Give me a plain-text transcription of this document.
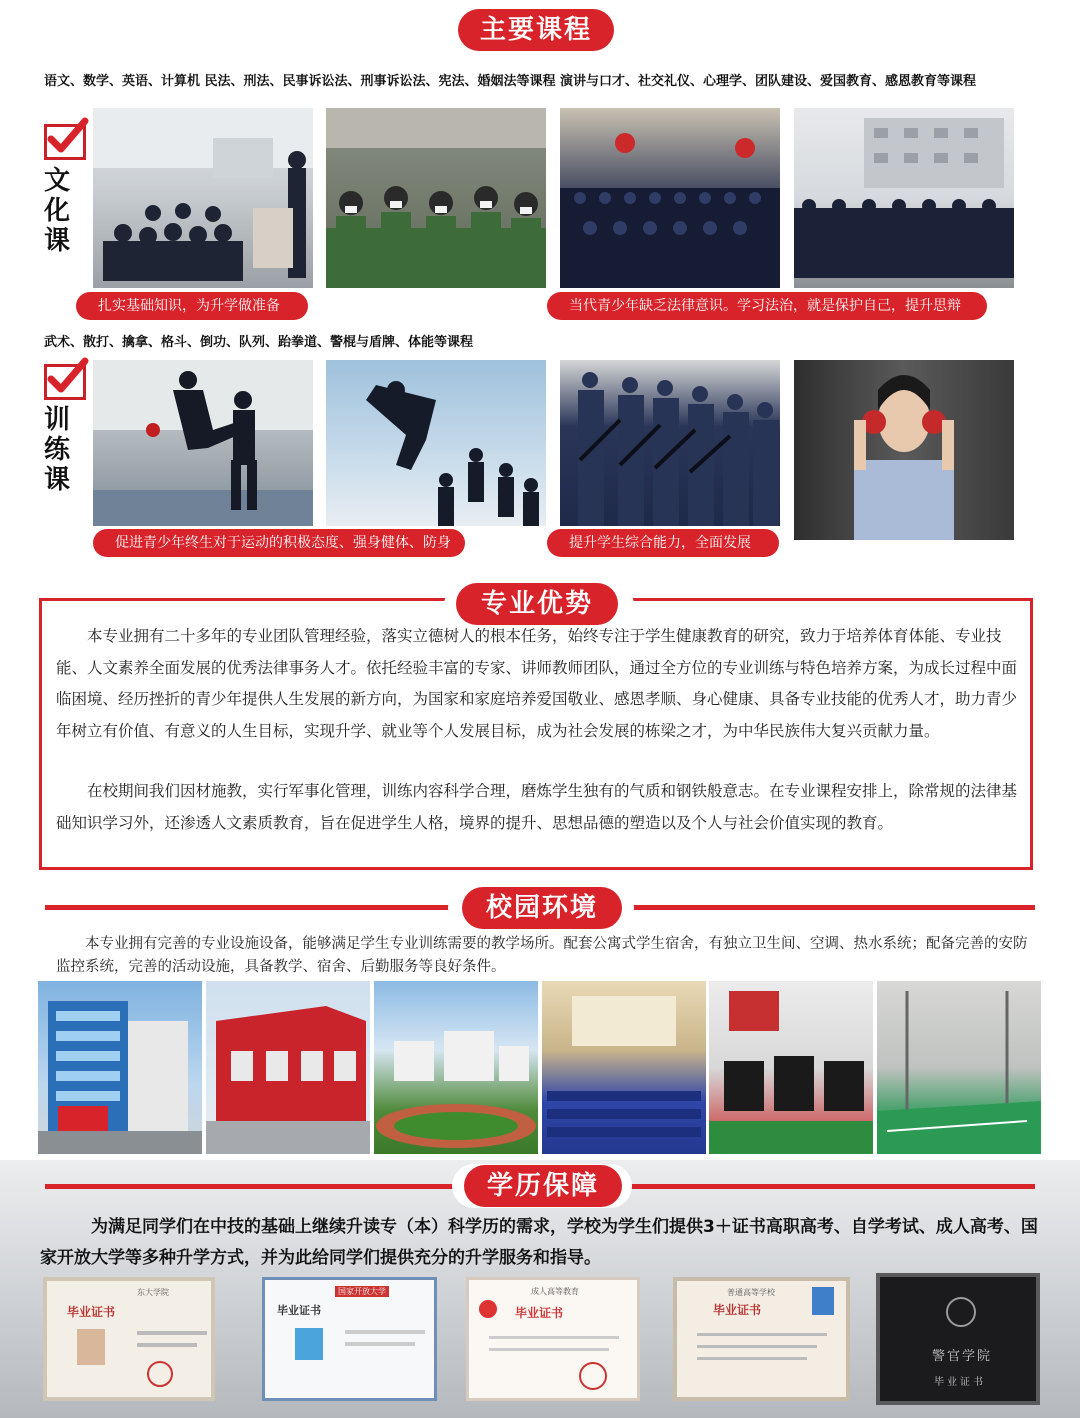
主要课程
语文、数学、英语、计算机 民法、刑法、民事诉讼法、刑事诉讼法、宪法、婚姻法等课程 演讲与口才、社交礼仪、心理学、团队建设、爱国教育、感恩教育等课程
文化课
扎实基础知识，为升学做准备	当代青少年缺乏法律意识。学习法治，就是保护自己，提升思辩
武术、散打、擒拿、格斗、倒功、队列、跆拳道、警棍与盾牌、体能等课程
训练课
促进青少年终生对于运动的积极态度、强身健体、防身	提升学生综合能力，全面发展
专业优势
本专业拥有二十多年的专业团队管理经验，落实立德树人的根本任务，始终专注于学生健康教育的研究，致力于培养体育体能、专业技能、人文素养全面发展的优秀法律事务人才。依托经验丰富的专家、讲师教师团队，通过全方位的专业训练与特色培养方案，为成长过程中面临困境、经历挫折的青少年提供人生发展的新方向，为国家和家庭培养爱国敬业、感恩孝顺、身心健康、具备专业技能的优秀人才，助力青少年树立有价值、有意义的人生目标，实现升学、就业等个人发展目标，成为社会发展的栋梁之才，为中华民族伟大复兴贡献力量。
在校期间我们因材施教，实行军事化管理，训练内容科学合理，磨炼学生独有的气质和钢铁般意志。在专业课程安排上，除常规的法律基础知识学习外，还渗透人文素质教育，旨在促进学生人格，境界的提升、思想品德的塑造以及个人与社会价值实现的教育。
校园环境
本专业拥有完善的专业设施设备，能够满足学生专业训练需要的教学场所。配套公寓式学生宿舍，有独立卫生间、空调、热水系统；配备完善的安防监控系统，完善的活动设施，具备教学、宿舍、后勤服务等良好条件。
学历保障
为满足同学们在中技的基础上继续升读专（本）科学历的需求，学校为学生们提供3＋证书高职高考、自学考试、成人高考、国家开放大学等多种升学方式，并为此给同学们提供充分的升学服务和指导。
东大学院
毕业证书
国家开放大学
毕业证书
成人高等教育
毕业证书
普通高等学校
毕业证书
警官学院
毕业证书
